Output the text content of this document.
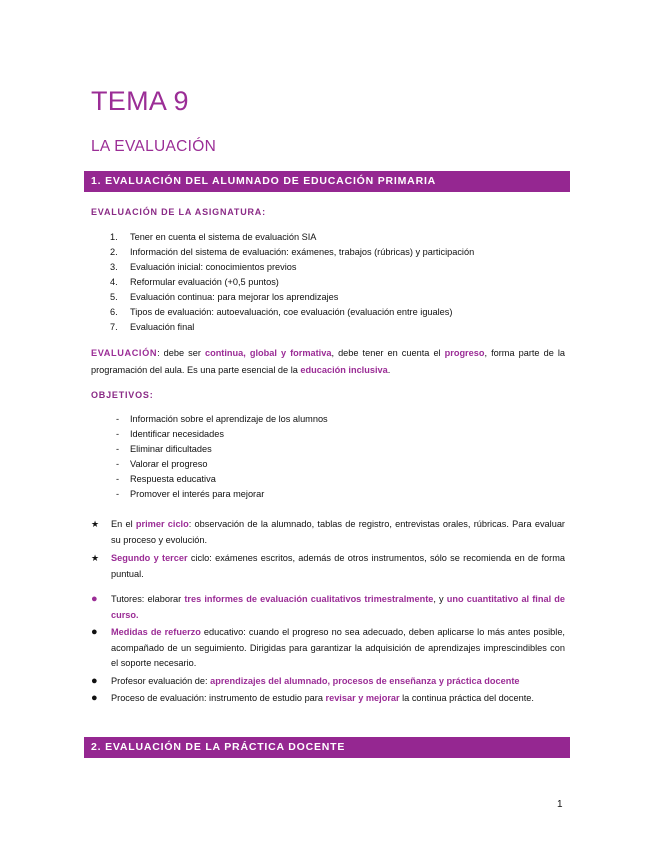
TEMA 9
LA EVALUACIÓN
1. EVALUACIÓN DEL ALUMNADO DE EDUCACIÓN PRIMARIA
EVALUACIÓN DE LA ASIGNATURA:
1.	Tener en cuenta el sistema de evaluación SIA
2.	Información del sistema de evaluación: exámenes, trabajos (rúbricas) y participación
3.	Evaluación inicial: conocimientos previos
4.	Reformular evaluación (+0,5 puntos)
5.	Evaluación continua: para mejorar los aprendizajes
6.	Tipos de evaluación: autoevaluación, coe evaluación (evaluación entre iguales)
7.	Evaluación final
EVALUACIÓN: debe ser continua, global y formativa, debe tener en cuenta el progreso, forma parte de la programación del aula. Es una parte esencial de la educación inclusiva.
OBJETIVOS:
-	Información sobre el aprendizaje de los alumnos
-	Identificar necesidades
-	Eliminar dificultades
-	Valorar el progreso
-	Respuesta educativa
-	Promover el interés para mejorar
★	En el primer ciclo: observación de la alumnado, tablas de registro, entrevistas orales, rúbricas. Para evaluar su proceso y evolución.
★	Segundo y tercer ciclo: exámenes escritos, además de otros instrumentos, sólo se recomienda en de forma puntual.
●	Tutores: elaborar tres informes de evaluación cualitativos trimestralmente, y uno cuantitativo al final de curso.
●	Medidas de refuerzo educativo: cuando el progreso no sea adecuado, deben aplicarse lo más antes posible, acompañado de un seguimiento. Dirigidas para garantizar la adquisición de aprendizajes imprescindibles con el soporte necesario.
●	Profesor evaluación de: aprendizajes del alumnado, procesos de enseñanza y práctica docente
●	Proceso de evaluación: instrumento de estudio para revisar y mejorar la continua práctica del docente.
2. EVALUACIÓN DE LA PRÁCTICA DOCENTE
1
